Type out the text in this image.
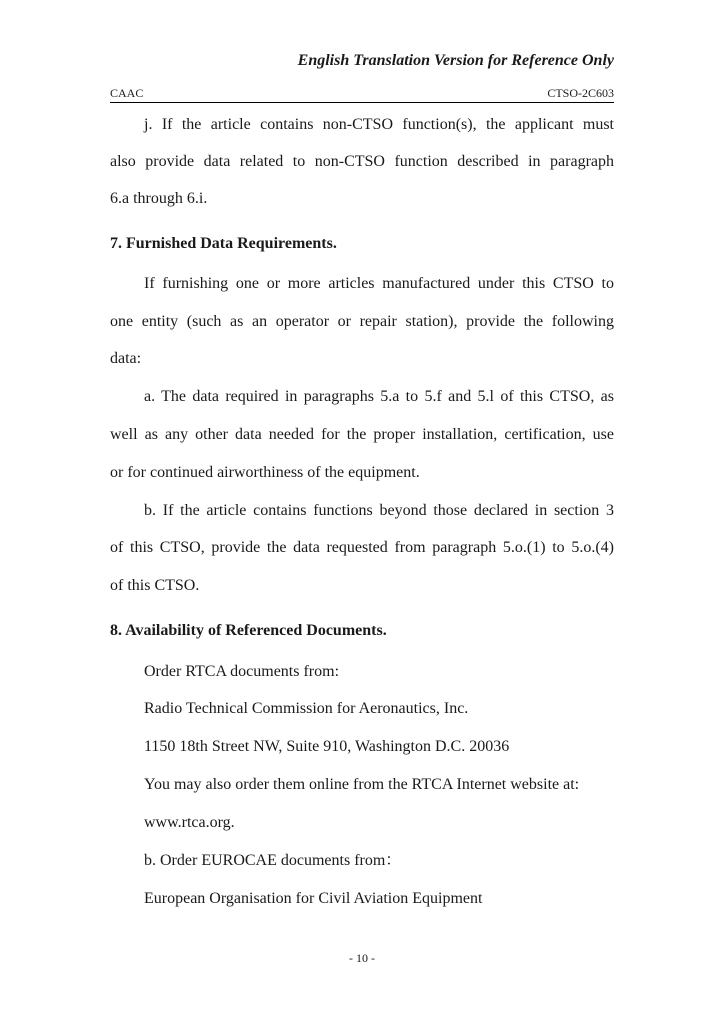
English Translation Version for Reference Only
CAAC	CTSO-2C603
j. If the article contains non-CTSO function(s), the applicant must
also provide data related to non-CTSO function described in paragraph
6.a through 6.i.
7. Furnished Data Requirements.
If furnishing one or more articles manufactured under this CTSO to
one entity (such as an operator or repair station), provide the following
data:
a. The data required in paragraphs 5.a to 5.f and 5.l of this CTSO, as
well as any other data needed for the proper installation, certification, use
or for continued airworthiness of the equipment.
b. If the article contains functions beyond those declared in section 3
of this CTSO, provide the data requested from paragraph 5.o.(1) to 5.o.(4)
of this CTSO.
8. Availability of Referenced Documents.
Order RTCA documents from:
Radio Technical Commission for Aeronautics, Inc.
1150 18th Street NW, Suite 910, Washington D.C. 20036
You may also order them online from the RTCA Internet website at:
www.rtca.org.
b. Order EUROCAE documents from：
European Organisation for Civil Aviation Equipment
- 10 -
